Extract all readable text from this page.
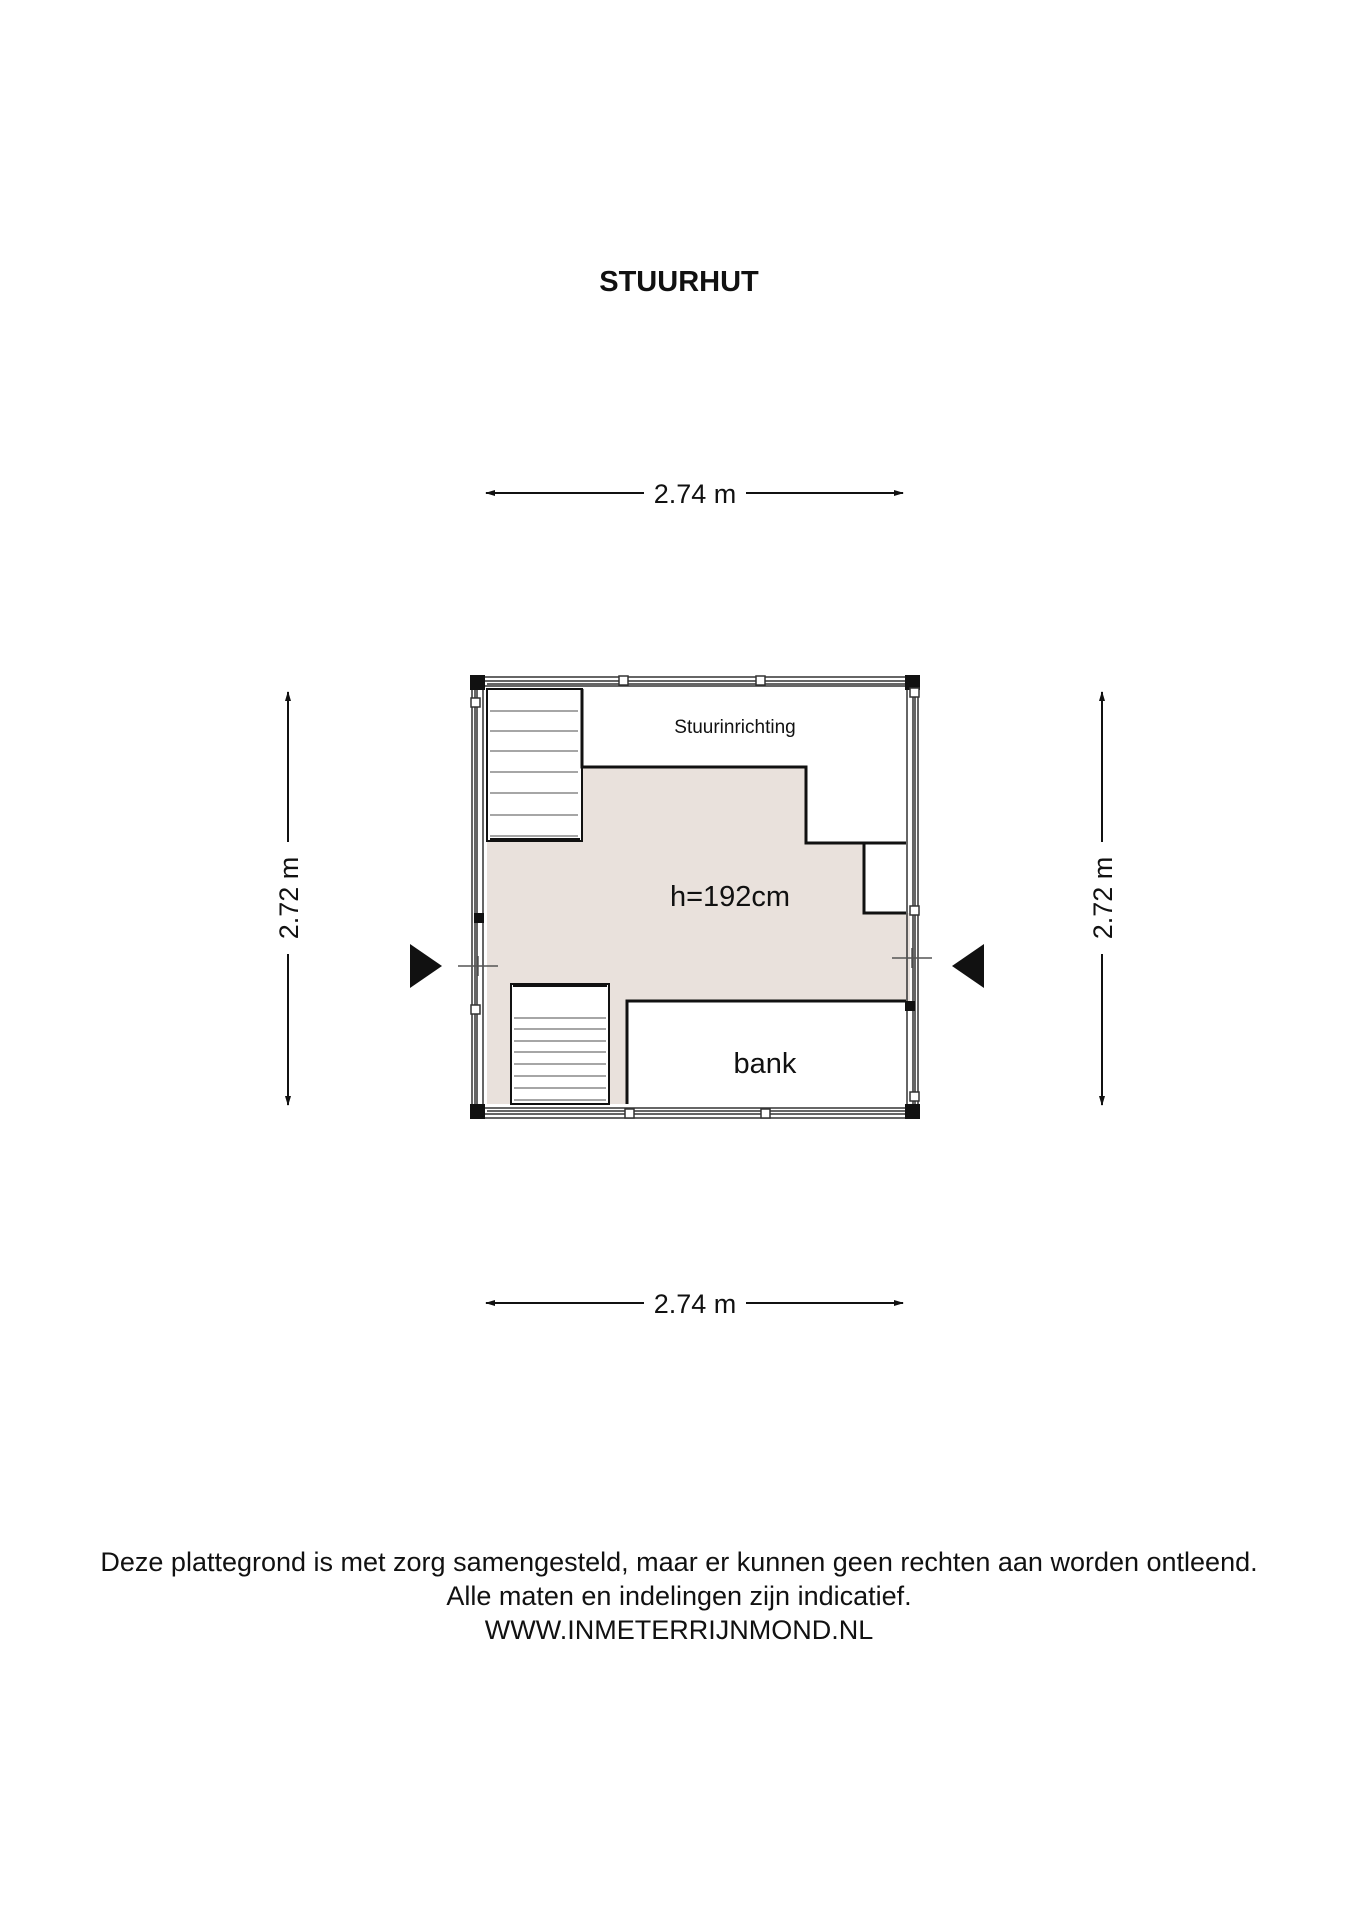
STUURHUT
2.74 m
2.74 m
2.72 m	2.72 m
Stuurinrichting
h=192cm
bank
Deze plattegrond is met zorg samengesteld, maar er kunnen geen rechten aan worden ontleend.
Alle maten en indelingen zijn indicatief.
WWW.INMETERRIJNMOND.NL
